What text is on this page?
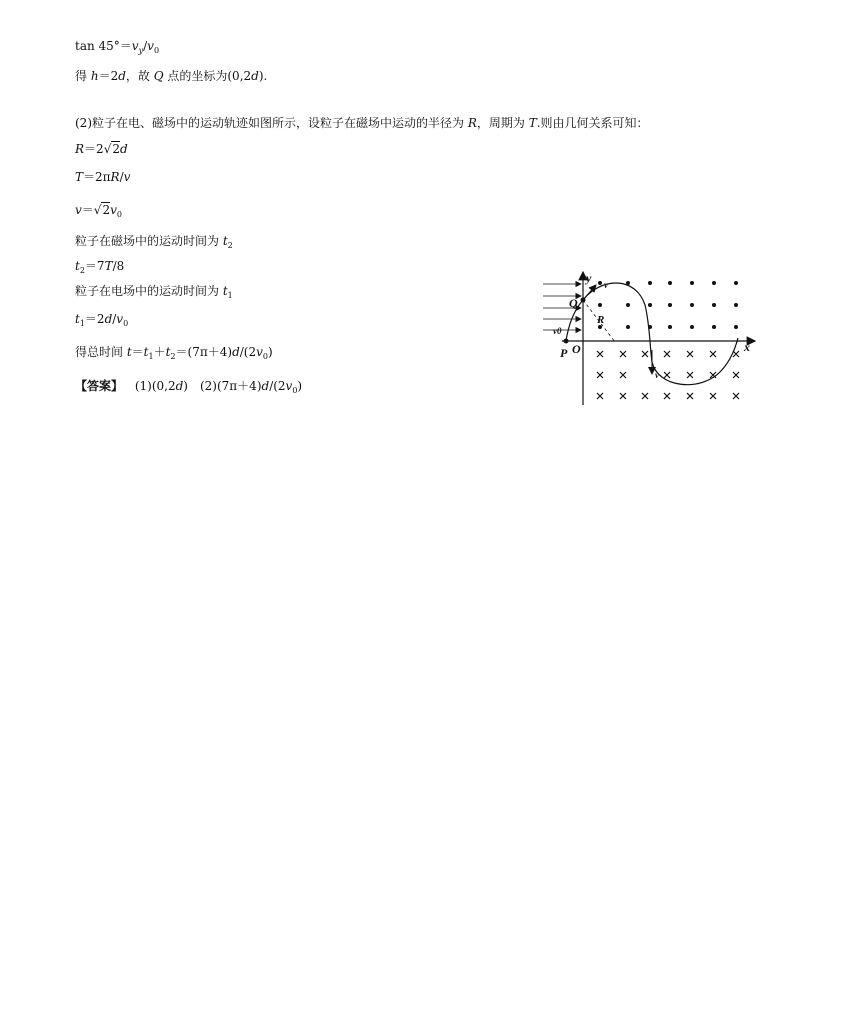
$\tan 45^\circ=v_y/v_0$
得 h＝2d，故 Q 点的坐标为(0,2d).
(2)粒子在电、磁场中的运动轨迹如图所示，设粒子在磁场中运动的半径为 R，周期为 T.则由几何关系可知：
R＝2√2d
T＝2πR/v
$v=√2v_0$
粒子在磁场中的运动时间为 $t_2$
$t_2=7T/8$
粒子在电场中的运动时间为 $t_1$
$t_1=2d/v_0$
得总时间 $t=t_1+t_2=(7\pi+4)d/(2v_0)$
【答案】 (1)(0,2d)　$(2)(7\pi+4)d/(2v_0)$
y
x
O
P
Q
R
v0
v
v
